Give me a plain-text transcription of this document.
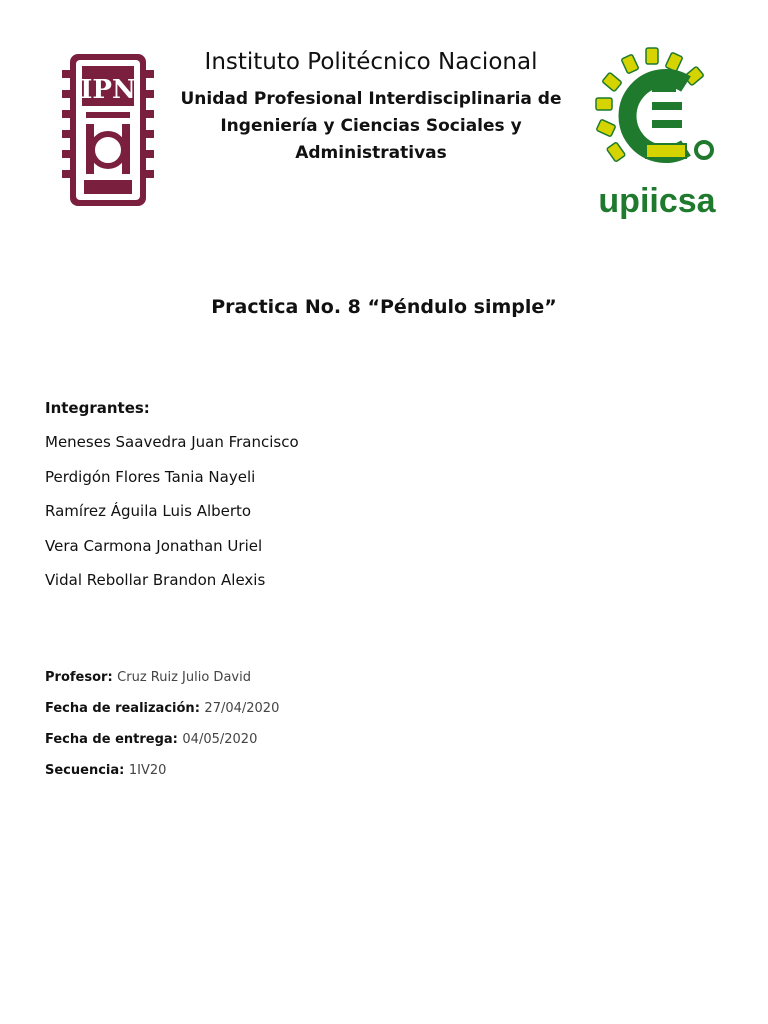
IPN
upiicsa
Instituto Politécnico Nacional
Unidad Profesional Interdisciplinaria de
Ingeniería y Ciencias Sociales y
Administrativas
Practica No. 8 “Péndulo simple”
Integrantes:
Meneses Saavedra Juan Francisco
Perdigón Flores Tania Nayeli
Ramírez Águila Luis Alberto
Vera Carmona Jonathan Uriel
Vidal Rebollar Brandon Alexis
Profesor: Cruz Ruiz Julio David
Fecha de realización: 27/04/2020
Fecha de entrega: 04/05/2020
Secuencia: 1IV20
